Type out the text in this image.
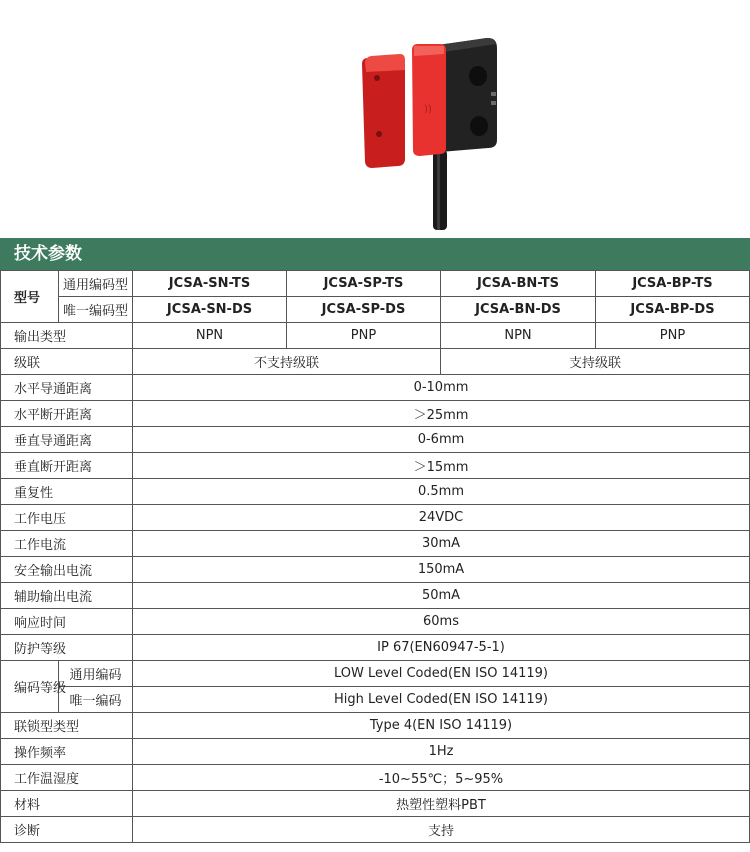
))
技术参数
型号	通用编码型	JCSA-SN-TS	JCSA-SP-TS	JCSA-BN-TS	JCSA-BP-TS
	唯一编码型	JCSA-SN-DS	JCSA-SP-DS	JCSA-BN-DS	JCSA-BP-DS
输出类型		NPN	PNP	NPN	PNP
级联		不支持级联		支持级联	
水平导通距离		0-10mm			
水平断开距离		＞25mm			
垂直导通距离		0-6mm			
垂直断开距离		＞15mm			
重复性		0.5mm			
工作电压		24VDC			
工作电流		30mA			
安全输出电流		150mA			
辅助输出电流		50mA			
响应时间		60ms			
防护等级		IP 67(EN60947-5-1)			
编码等级	通用编码	LOW Level Coded(EN ISO 14119)			
	唯一编码	High Level Coded(EN ISO 14119)			
联锁型类型		Type 4(EN ISO 14119)			
操作频率		1Hz			
工作温湿度		-10~55℃；5~95%			
材料		热塑性塑料PBT			
诊断		支持			
